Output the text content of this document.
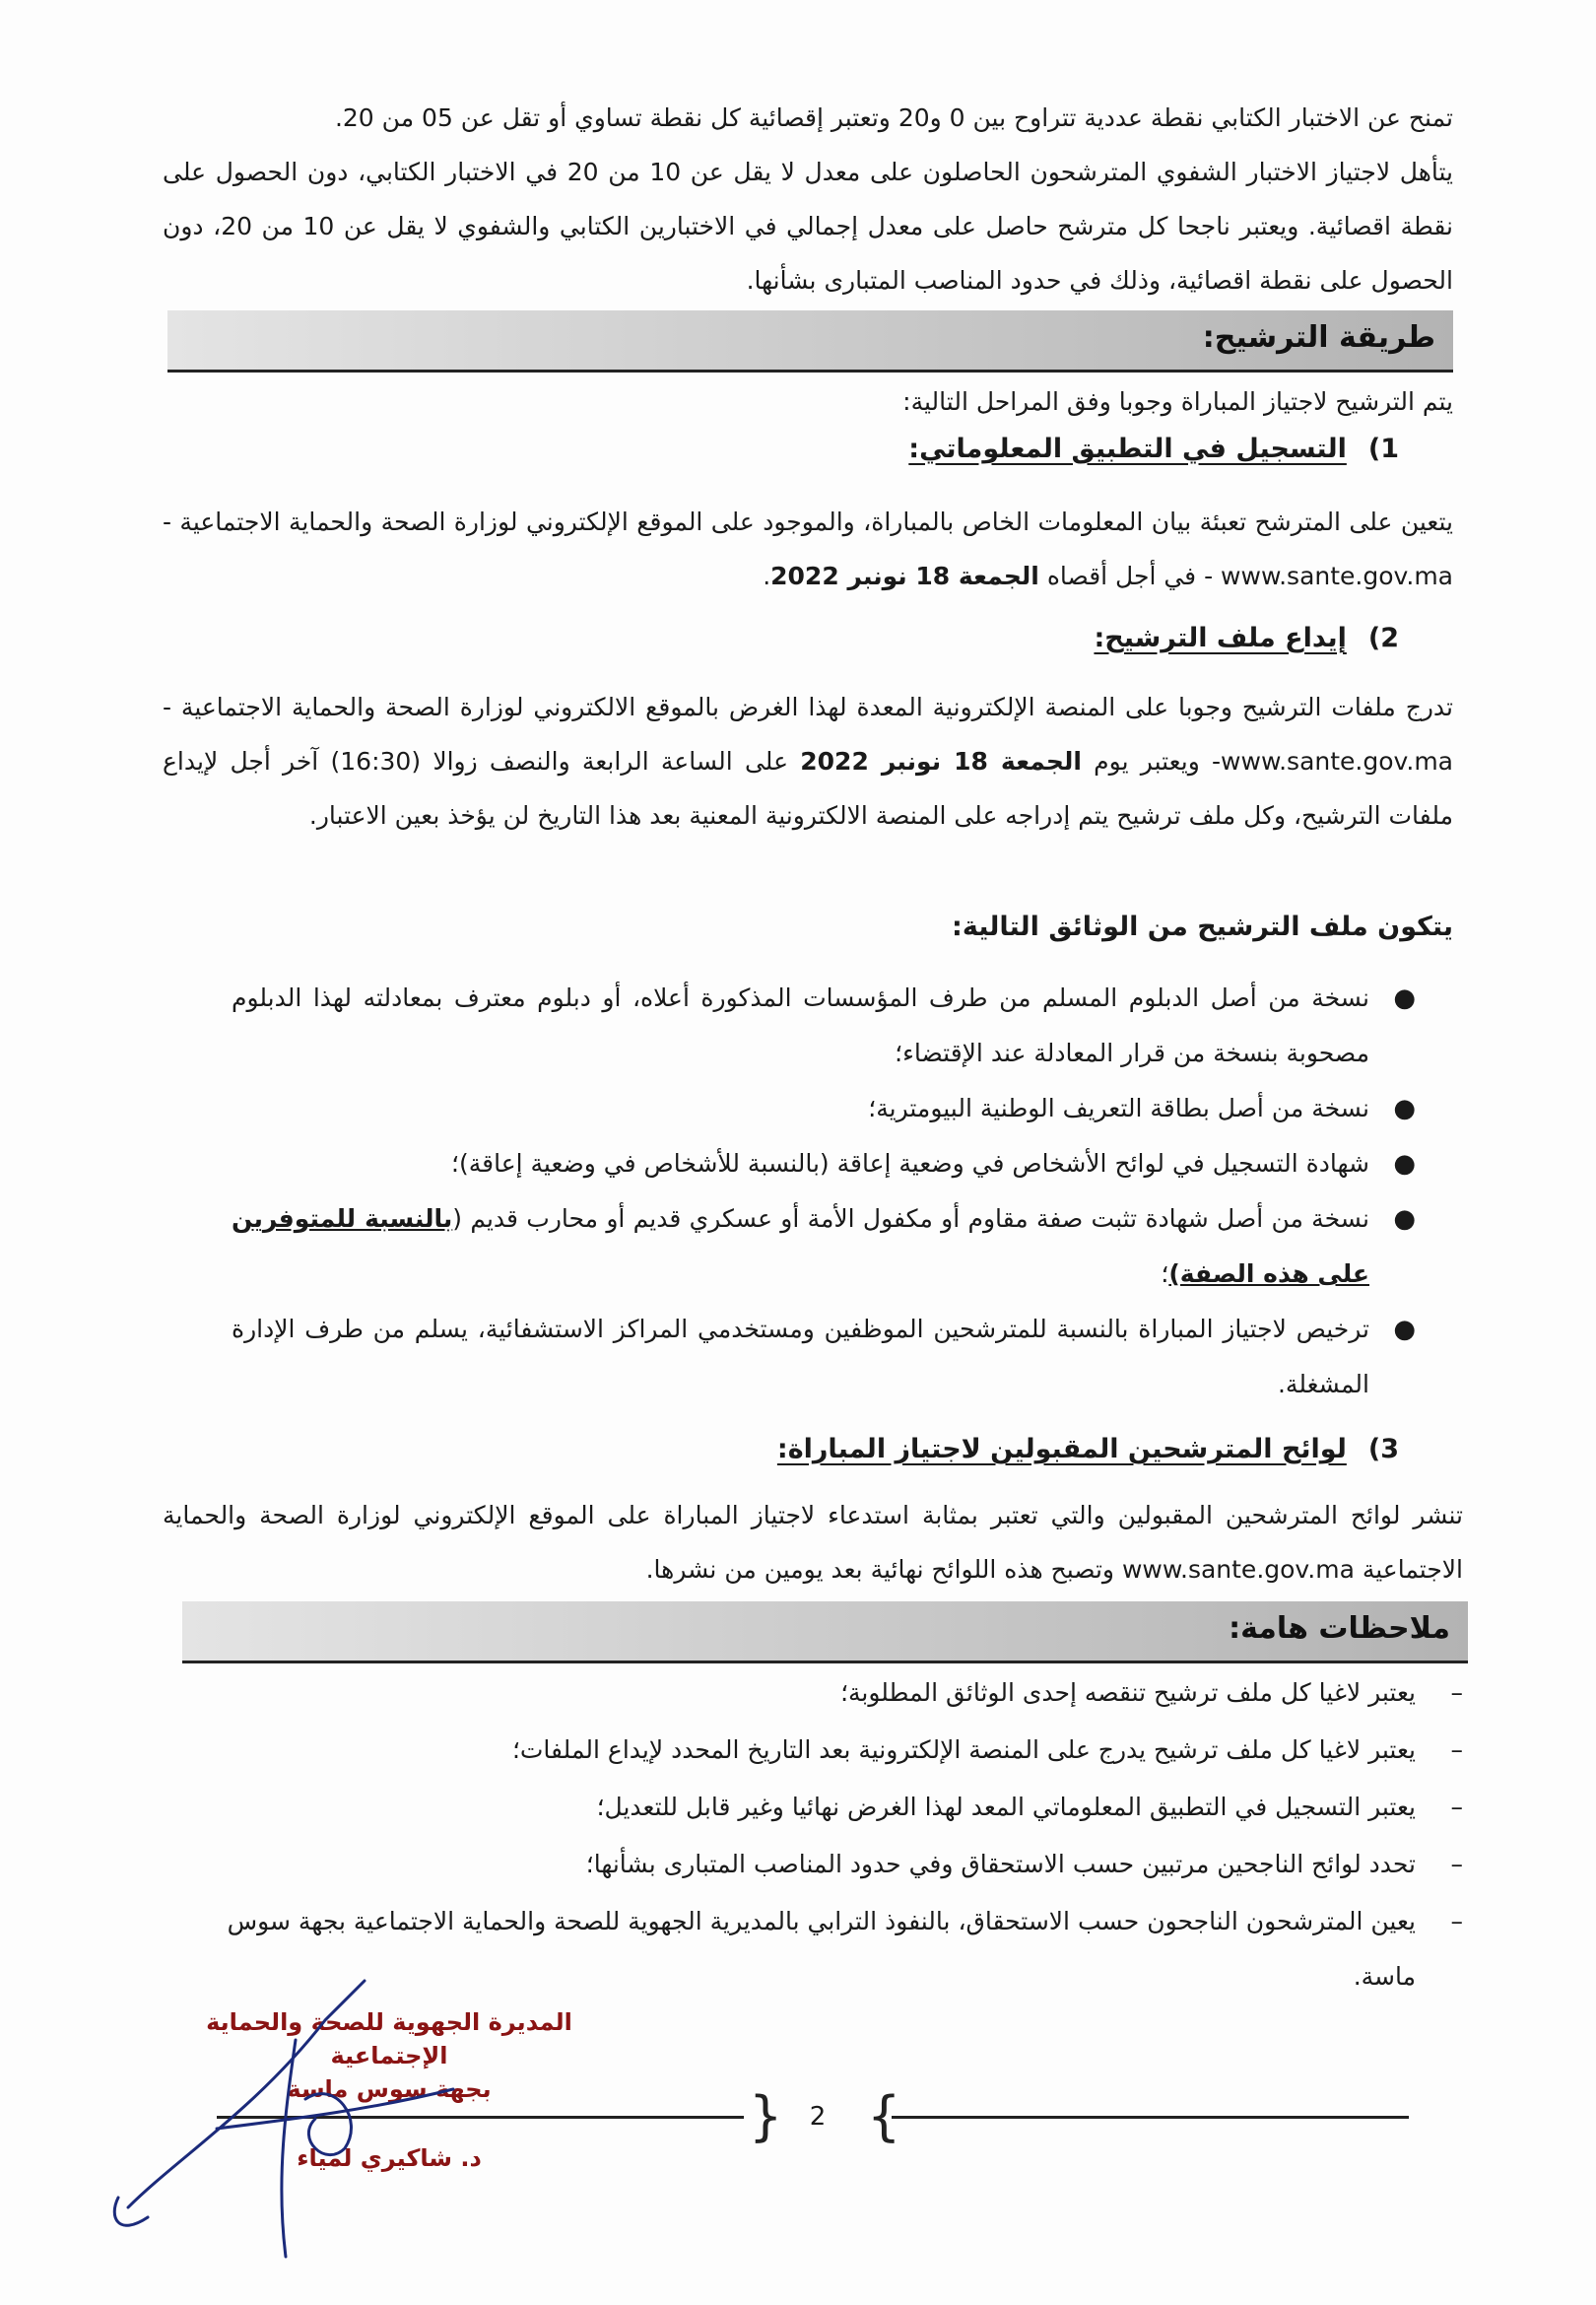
تمنح عن الاختبار الكتابي نقطة عددية تتراوح بين 0 و20 وتعتبر إقصائية كل نقطة تساوي أو تقل عن 05 من 20.
يتأهل لاجتياز الاختبار الشفوي المترشحون الحاصلون على معدل لا يقل عن 10 من 20 في الاختبار الكتابي، دون الحصول على نقطة اقصائية. ويعتبر ناجحا كل مترشح حاصل على معدل إجمالي في الاختبارين الكتابي والشفوي لا يقل عن 10 من 20، دون الحصول على نقطة اقصائية، وذلك في حدود المناصب المتبارى بشأنها.
طريقة الترشيح:
يتم الترشيح لاجتياز المباراة وجوبا وفق المراحل التالية:
1)التسجيل في التطبيق المعلوماتي:
يتعين على المترشح تعبئة بيان المعلومات الخاص بالمباراة، والموجود على الموقع الإلكتروني لوزارة الصحة والحماية الاجتماعية - www.sante.gov.ma - في أجل أقصاه الجمعة 18 نونبر 2022.
2)إيداع ملف الترشيح:
تدرج ملفات الترشيح وجوبا على المنصة الإلكترونية المعدة لهذا الغرض بالموقع الالكتروني لوزارة الصحة والحماية الاجتماعية - www.sante.gov.ma- ويعتبر يوم الجمعة 18 نونبر 2022 على الساعة الرابعة والنصف زوالا (16:30) آخر أجل لإيداع ملفات الترشيح، وكل ملف ترشيح يتم إدراجه على المنصة الالكترونية المعنية بعد هذا التاريخ لن يؤخذ بعين الاعتبار.
يتكون ملف الترشيح من الوثائق التالية:
●
نسخة من أصل الدبلوم المسلم من طرف المؤسسات المذكورة أعلاه، أو دبلوم معترف بمعادلته لهذا الدبلوم مصحوبة بنسخة من قرار المعادلة عند الإقتضاء؛
●
نسخة من أصل بطاقة التعريف الوطنية البيومترية؛
●
شهادة التسجيل في لوائح الأشخاص في وضعية إعاقة (بالنسبة للأشخاص في وضعية إعاقة)؛
●
نسخة من أصل شهادة تثبت صفة مقاوم أو مكفول الأمة أو عسكري قديم أو محارب قديم (بالنسبة للمتوفرين على هذه الصفة)؛
●
ترخيص لاجتياز المباراة بالنسبة للمترشحين الموظفين ومستخدمي المراكز الاستشفائية، يسلم من طرف الإدارة المشغلة.
3)لوائح المترشحين المقبولين لاجتياز المباراة:
تنشر لوائح المترشحين المقبولين والتي تعتبر بمثابة استدعاء لاجتياز المباراة على الموقع الإلكتروني لوزارة الصحة والحماية الاجتماعية www.sante.gov.ma وتصبح هذه اللوائح نهائية بعد يومين من نشرها.
ملاحظات هامة:
–
يعتبر لاغيا كل ملف ترشيح تنقصه إحدى الوثائق المطلوبة؛
–
يعتبر لاغيا كل ملف ترشيح يدرج على المنصة الإلكترونية بعد التاريخ المحدد لإيداع الملفات؛
–
يعتبر التسجيل في التطبيق المعلوماتي المعد لهذا الغرض نهائيا وغير قابل للتعديل؛
–
تحدد لوائح الناجحين مرتبين حسب الاستحقاق وفي حدود المناصب المتبارى بشأنها؛
–
يعين المترشحون الناجحون حسب الاستحقاق، بالنفوذ الترابي بالمديرية الجهوية للصحة والحماية الاجتماعية بجهة سوس ماسة.
المديرة الجهوية للصحة والحماية الإجتماعية
بجهة سوس ماسة
د. شاكيري لمياء
{ }
2
